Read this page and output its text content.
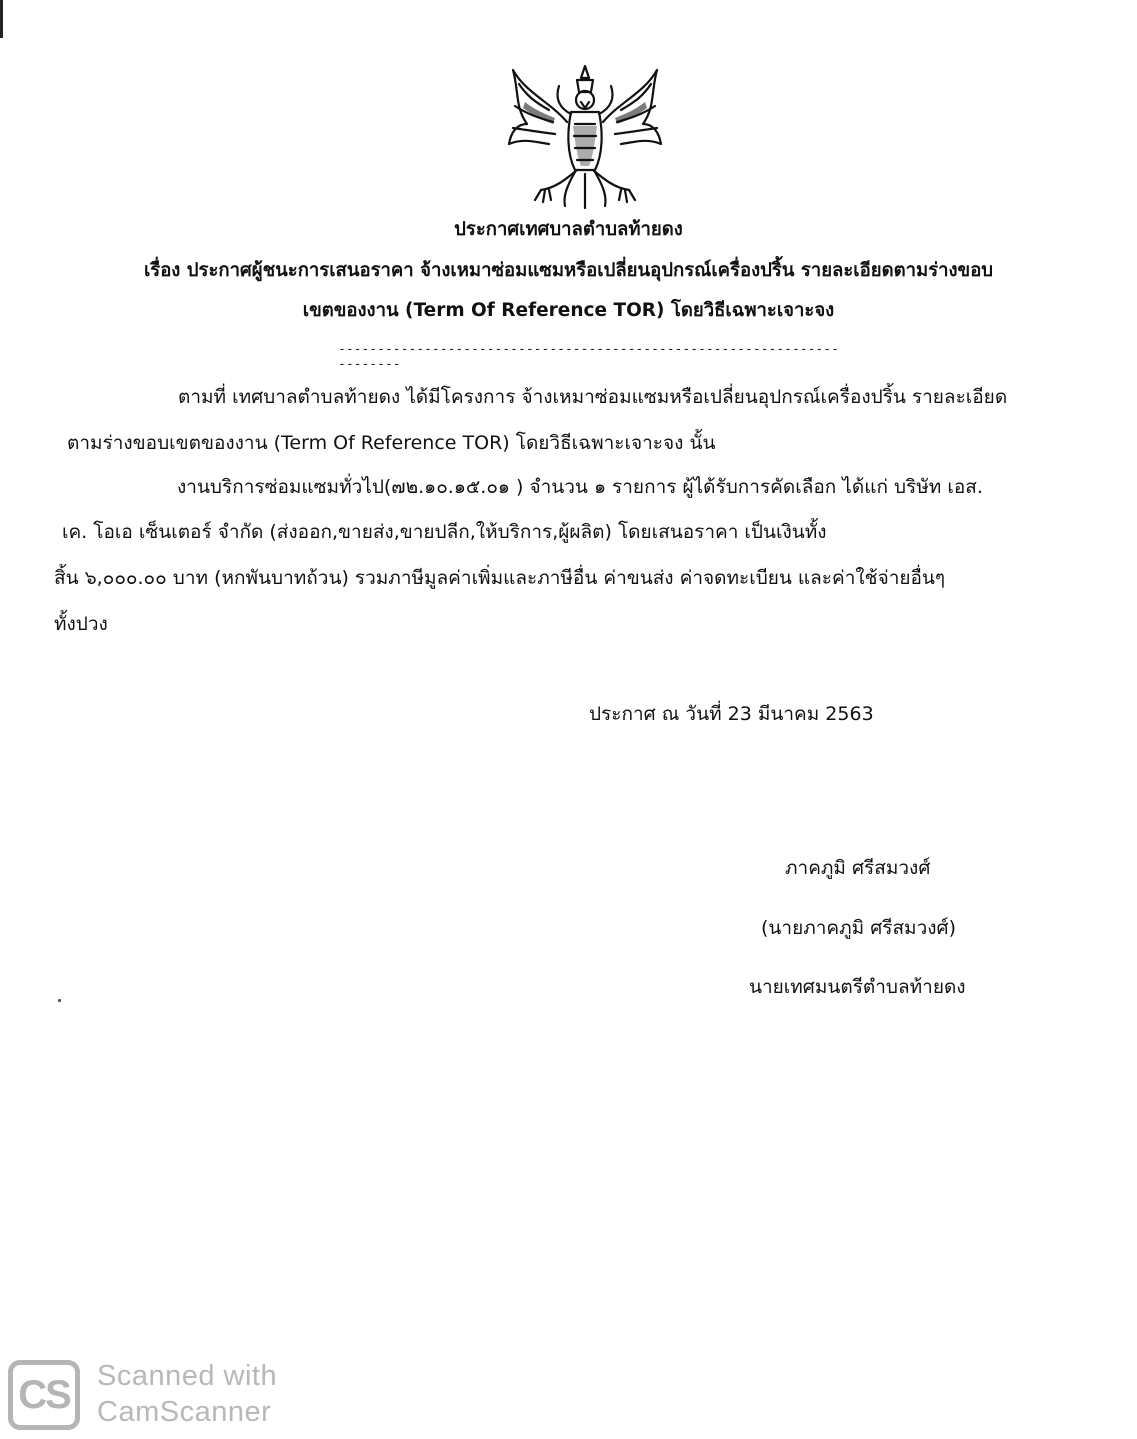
ประกาศเทศบาลตำบลท้ายดง
เรื่อง ประกาศผู้ชนะการเสนอราคา จ้างเหมาซ่อมแซมหรือเปลี่ยนอุปกรณ์เครื่องปริ้น รายละเอียดตามร่างขอบ
เขตของงาน (Term Of Reference TOR) โดยวิธีเฉพาะเจาะจง
------------------------------------------------------------------------
ตามที่ เทศบาลตำบลท้ายดง ได้มีโครงการ จ้างเหมาซ่อมแซมหรือเปลี่ยนอุปกรณ์เครื่องปริ้น รายละเอียด
ตามร่างขอบเขตของงาน (Term Of Reference TOR) โดยวิธีเฉพาะเจาะจง นั้น
งานบริการซ่อมแซมทั่วไป(๗๒.๑๐.๑๕.๐๑ ) จำนวน ๑ รายการ ผู้ได้รับการคัดเลือก ได้แก่ บริษัท เอส.
เค. โอเอ เซ็นเตอร์ จำกัด (ส่งออก,ขายส่ง,ขายปลีก,ให้บริการ,ผู้ผลิต) โดยเสนอราคา เป็นเงินทั้ง
สิ้น ๖,๐๐๐.๐๐ บาท (หกพันบาทถ้วน) รวมภาษีมูลค่าเพิ่มและภาษีอื่น ค่าขนส่ง ค่าจดทะเบียน และค่าใช้จ่ายอื่นๆ
ทั้งปวง
ประกาศ ณ วันที่ 23 มีนาคม 2563
ภาคภูมิ ศรีสมวงศ์
(นายภาคภูมิ ศรีสมวงศ์)
นายเทศมนตรีตำบลท้ายดง
CS Scanned with
CamScanner
